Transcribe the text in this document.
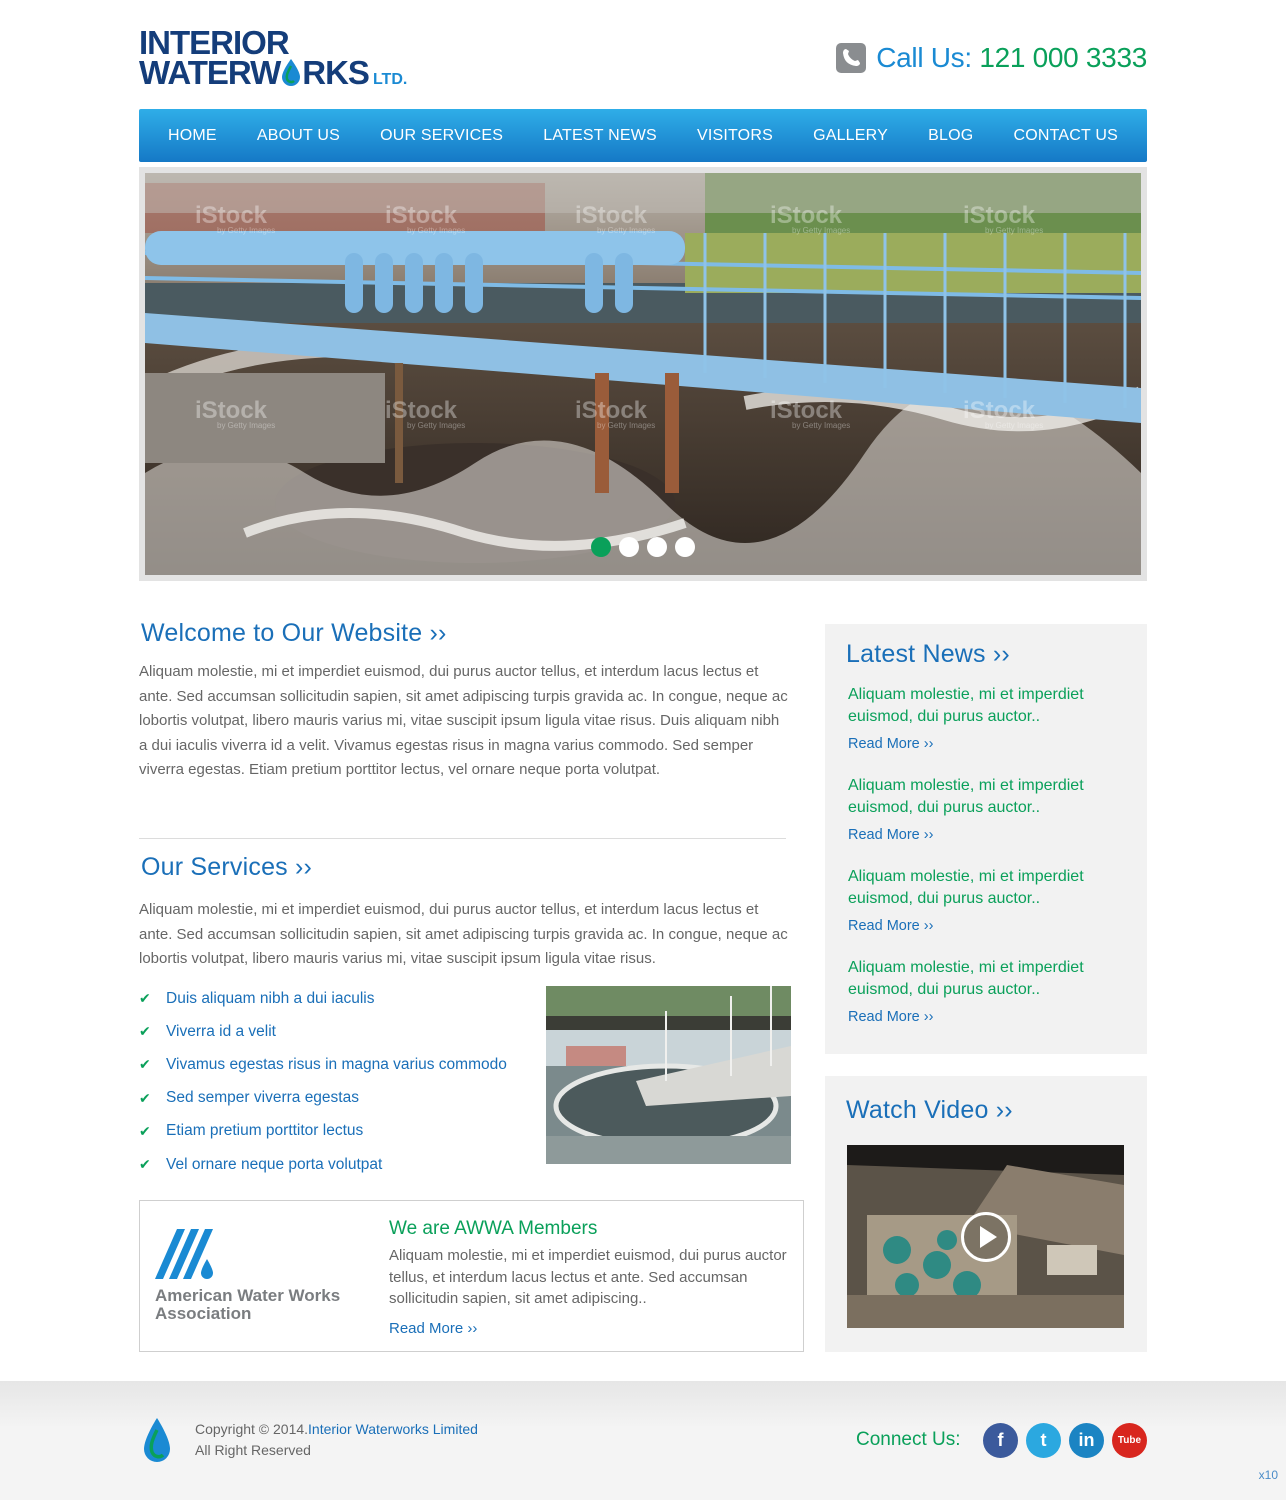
INTERIOR
WATERW RKS LTD.
Call Us: 121 000 3333
HOME	ABOUT US	OUR SERVICES	LATEST NEWS	VISITORS	GALLERY	BLOG	CONTACT US
iStock	iStock	iStock	iStock	iStock
iStock	iStock	iStock	iStock	iStock
by Getty Images	by Getty Images	by Getty Images	by Getty Images	by Getty Images
by Getty Images	by Getty Images	by Getty Images	by Getty Images	by Getty Images
Welcome to Our Website ››

Aliquam molestie, mi et imperdiet euismod, dui purus auctor tellus, et interdum lacus lectus et ante. Sed accumsan sollicitudin sapien, sit amet adipiscing turpis gravida ac. In congue, neque ac lobortis volutpat, libero mauris varius mi, vitae suscipit ipsum ligula vitae risus. Duis aliquam nibh a dui iaculis viverra id a velit. Vivamus egestas risus in magna varius commodo. Sed semper viverra egestas. Etiam pretium porttitor lectus, vel ornare neque porta volutpat.

Our Services ››

Aliquam molestie, mi et imperdiet euismod, dui purus auctor tellus, et interdum lacus lectus et ante. Sed accumsan sollicitudin sapien, sit amet adipiscing turpis gravida ac. In congue, neque ac lobortis volutpat, libero mauris varius mi, vitae suscipit ipsum ligula vitae risus.

✔ Duis aliquam nibh a dui iaculis
✔ Viverra id a velit
✔ Vivamus egestas risus in magna varius commodo
✔ Sed semper viverra egestas
✔ Etiam pretium porttitor lectus
✔ Vel ornare neque porta volutpat
American Water Works
Association
We are AWWA Members
Aliquam molestie, mi et imperdiet euismod, dui purus auctor tellus, et interdum lacus lectus et ante. Sed accumsan sollicitudin sapien, sit amet adipiscing..
Read More ››
Latest News ››
Aliquam molestie, mi et imperdiet euismod, dui purus auctor..
Read More ››
Aliquam molestie, mi et imperdiet euismod, dui purus auctor..
Read More ››
Aliquam molestie, mi et imperdiet euismod, dui purus auctor..
Read More ››
Aliquam molestie, mi et imperdiet euismod, dui purus auctor..
Read More ››
Watch Video ››
Copyright © 2014.Interior Waterworks Limited
All Right Reserved	Connect Us:	f	t	in	Tube
x10
